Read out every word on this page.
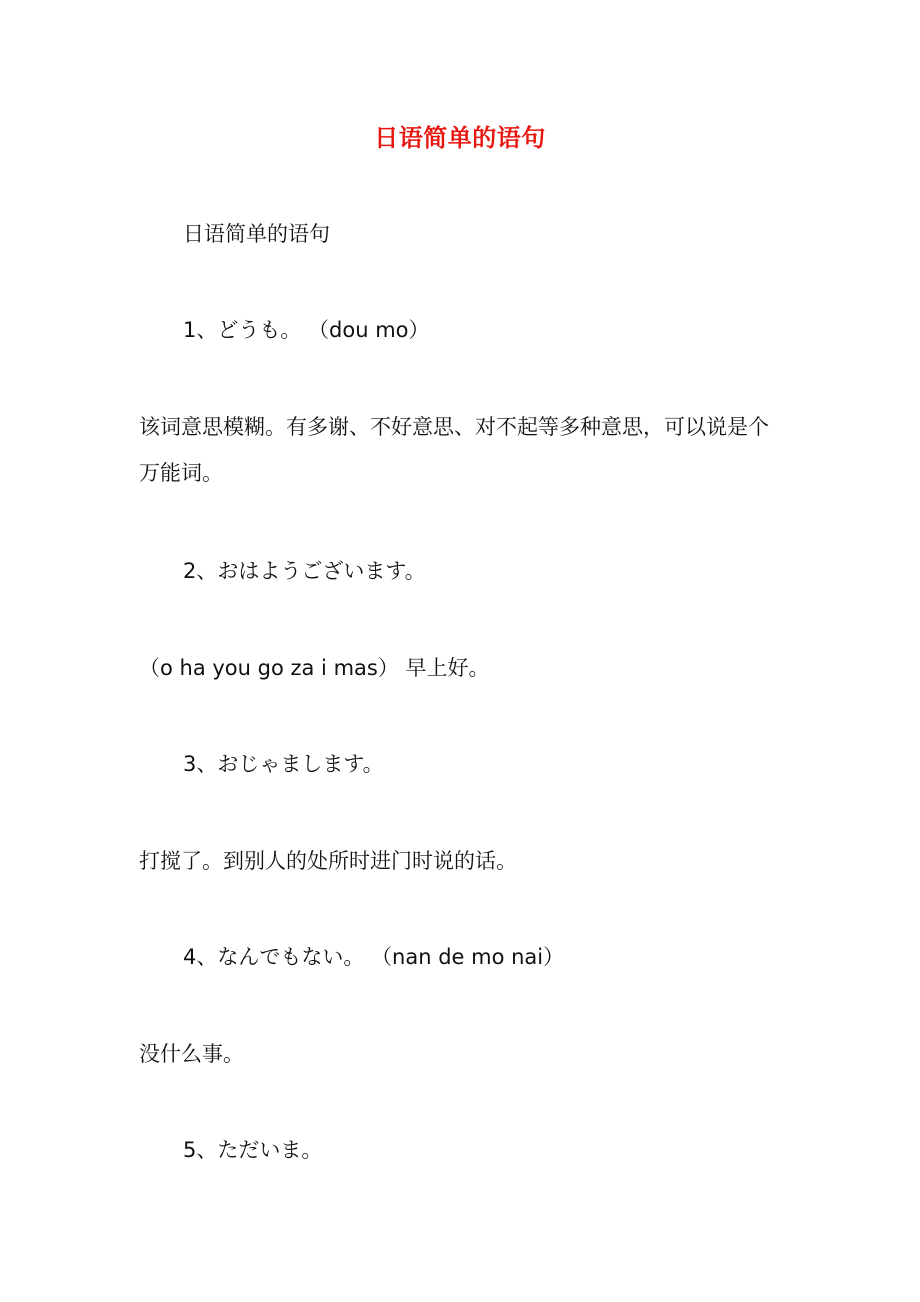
日语简单的语句
日语简单的语句
1、どうも。 （dou mo）
该词意思模糊。有多谢、不好意思、对不起等多种意思，可以说是个万能词。
2、おはようございます。
（o ha you go za i mas） 早上好。
3、おじゃまします。
打搅了。到别人的处所时进门时说的话。
4、なんでもない。 （nan de mo nai）
没什么事。
5、ただいま。
